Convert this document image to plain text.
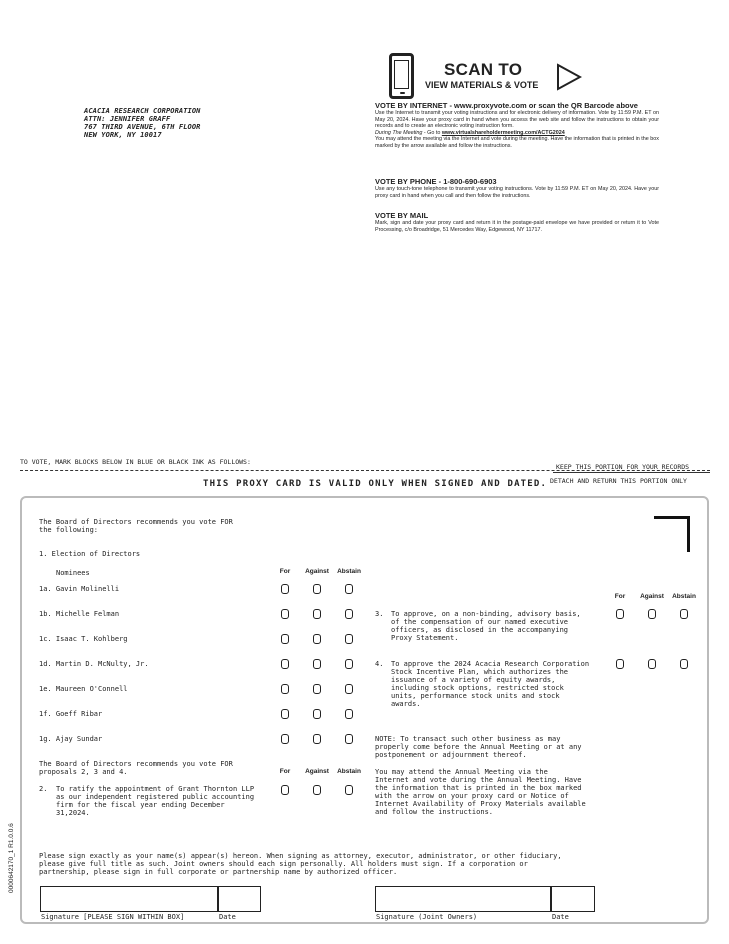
ACACIA RESEARCH CORPORATION
ATTN: JENNIFER GRAFF
767 THIRD AVENUE, 6TH FLOOR
NEW YORK, NY 10017
SCAN TO
VIEW MATERIALS & VOTE
VOTE BY INTERNET - www.proxyvote.com or scan the QR Barcode above
Use the Internet to transmit your voting instructions and for electronic delivery of information. Vote by 11:59 P.M. ET on May 20, 2024. Have your proxy card in hand when you access the web site and follow the instructions to obtain your records and to create an electronic voting instruction form.
During The Meeting - Go to www.virtualshareholdermeeting.com/ACTG2024
You may attend the meeting via the Internet and vote during the meeting. Have the information that is printed in the box marked by the arrow available and follow the instructions.
VOTE BY PHONE - 1-800-690-6903
Use any touch-tone telephone to transmit your voting instructions. Vote by 11:59 P.M. ET on May 20, 2024. Have your proxy card in hand when you call and then follow the instructions.
VOTE BY MAIL
Mark, sign and date your proxy card and return it in the postage-paid envelope we have provided or return it to Vote Processing, c/o Broadridge, 51 Mercedes Way, Edgewood, NY 11717.
TO VOTE, MARK BLOCKS BELOW IN BLUE OR BLACK INK AS FOLLOWS:
KEEP THIS PORTION FOR YOUR RECORDS
DETACH AND RETURN THIS PORTION ONLY
THIS PROXY CARD IS VALID ONLY WHEN SIGNED AND DATED.
The Board of Directors recommends you vote FOR
the following:
1. Election of Directors
Nominees	For	Against	Abstain
1a. Gavin Molinelli
1b. Michelle Felman
1c. Isaac T. Kohlberg
1d. Martin D. McNulty, Jr.
1e. Maureen O'Connell
1f. Goeff Ribar
1g. Ajay Sundar
The Board of Directors recommends you vote FOR
proposals 2, 3 and 4.	For	Against	Abstain
2. To ratify the appointment of Grant Thornton LLP
as our independent registered public accounting
firm for the fiscal year ending December
31,2024.
For	Against	Abstain
3. To approve, on a non-binding, advisory basis,
of the compensation of our named executive
officers, as disclosed in the accompanying
Proxy Statement.
4. To approve the 2024 Acacia Research Corporation
Stock Incentive Plan, which authorizes the
issuance of a variety of equity awards,
including stock options, restricted stock
units, performance stock units and stock
awards.
NOTE: To transact such other business as may
properly come before the Annual Meeting or at any
postponement or adjournment thereof.
You may attend the Annual Meeting via the
Internet and vote during the Annual Meeting. Have
the information that is printed in the box marked
with the arrow on your proxy card or Notice of
Internet Availability of Proxy Materials available
and follow the instructions.
Please sign exactly as your name(s) appear(s) hereon. When signing as attorney, executor, administrator, or other fiduciary,
please give full title as such. Joint owners should each sign personally. All holders must sign. If a corporation or
partnership, please sign in full corporate or partnership name by authorized officer.
Signature [PLEASE SIGN WITHIN BOX]	Date	Signature (Joint Owners)	Date
0000642170_1 R1.0.0.6
